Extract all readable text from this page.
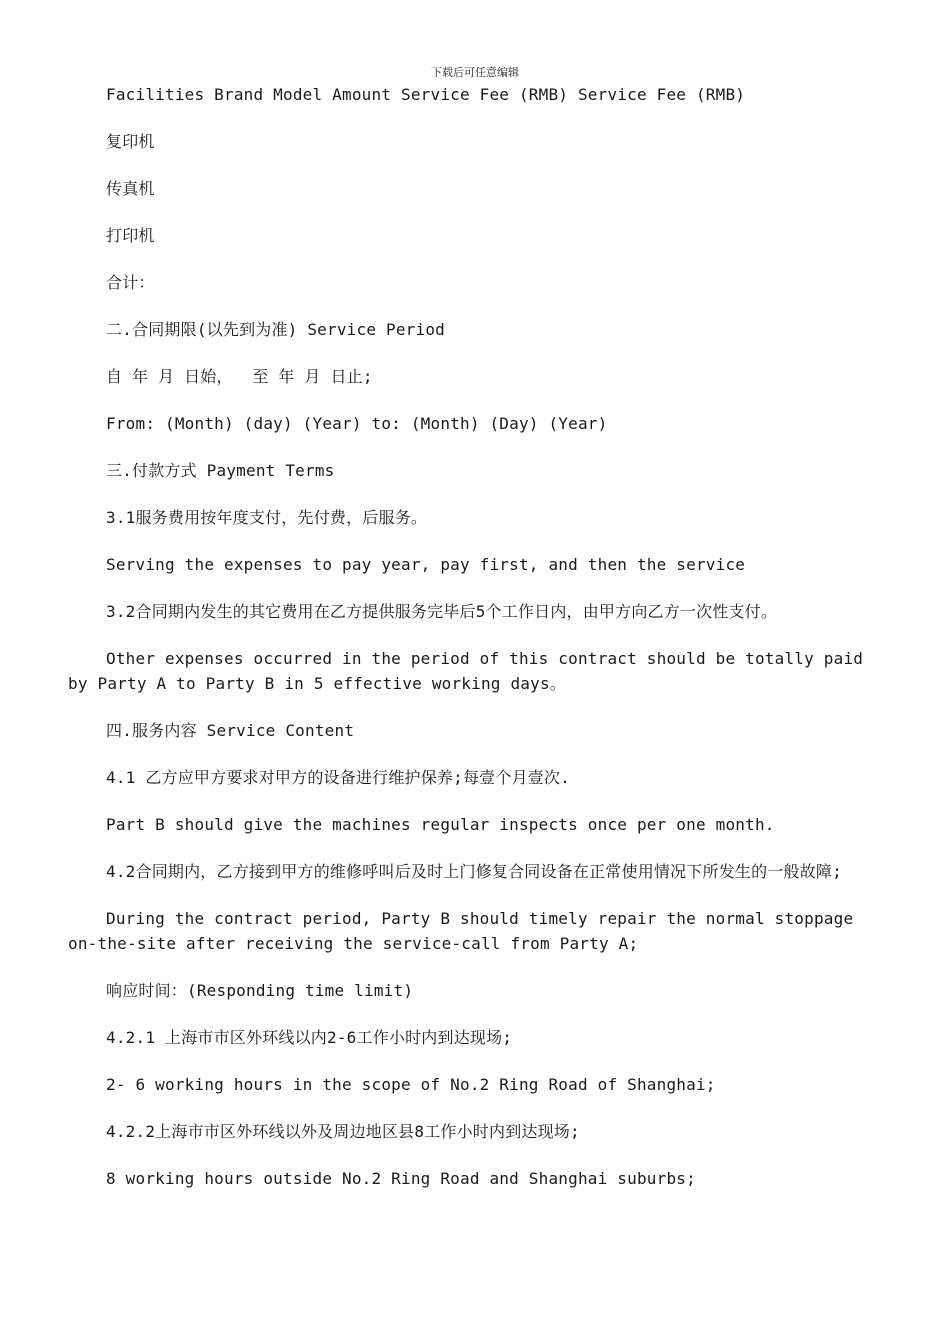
下载后可任意编辑

Facilities Brand Model Amount Service Fee (RMB) Service Fee (RMB)

复印机

传真机

打印机

合计：

二.合同期限(以先到为准) Service Period

自 年 月 日始，  至 年 月 日止;

From: (Month) (day) (Year) to: (Month) (Day) (Year)

三.付款方式 Payment Terms

3.1服务费用按年度支付，先付费，后服务。

Serving the expenses to pay year, pay first, and then the service

3.2合同期内发生的其它费用在乙方提供服务完毕后5个工作日内，由甲方向乙方一次性支付。

Other expenses occurred in the period of this contract should be totally paid by Party A to Party B in 5 effective working days。

四.服务内容 Service Content

4.1 乙方应甲方要求对甲方的设备进行维护保养;每壹个月壹次.

Part B should give the machines regular inspects once per one month.

4.2合同期内，乙方接到甲方的维修呼叫后及时上门修复合同设备在正常使用情况下所发生的一般故障;

During the contract period, Party B should timely repair the normal stoppage on-the-site after receiving the service-call from Party A;

响应时间：(Responding time limit)

4.2.1 上海市市区外环线以内2-6工作小时内到达现场;

2- 6 working hours in the scope of No.2 Ring Road of Shanghai;

4.2.2上海市市区外环线以外及周边地区县8工作小时内到达现场;

8 working hours outside No.2 Ring Road and Shanghai suburbs;
